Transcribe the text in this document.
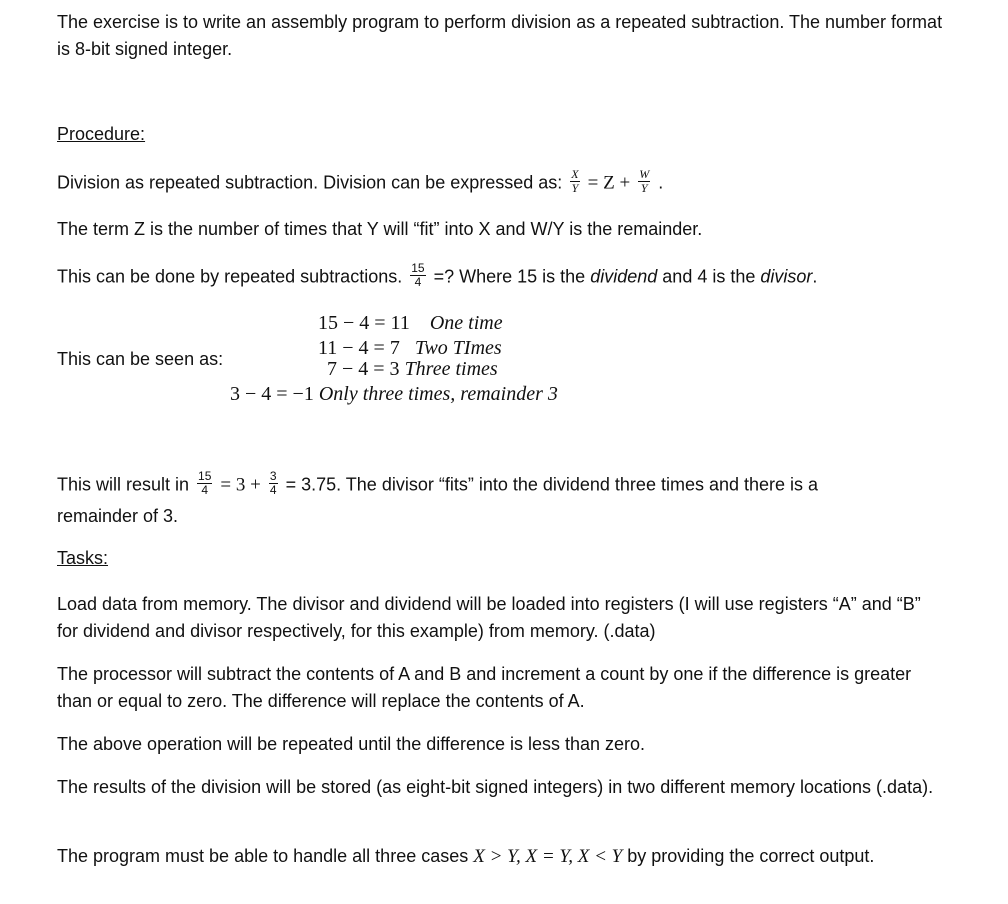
The exercise is to write an assembly program to perform division as a repeated subtraction. The number format is 8-bit signed integer.
Procedure:
Division as repeated subtraction. Division can be expressed as: $\frac{X}{Y} = Z + \frac{W}{Y}$ .
The term Z is the number of times that Y will “fit” into X and W/Y is the remainder.
This can be done by repeated subtractions. $\frac{15}{4}$ =? Where 15 is the dividend and 4 is the divisor.
This can be seen as:
15 − 4 = 11 One time
11 − 4 = 7 Two TImes
7 − 4 = 3 Three times
3 − 4 = −1 Only three times, remainder 3
This will result in $\frac{15}{4} = 3 + \frac{3}{4} = 3.75$. The divisor “fits” into the dividend three times and there is a
remainder of 3.
Tasks:
Load data from memory. The divisor and dividend will be loaded into registers (I will use registers “A” and “B” for dividend and divisor respectively, for this example) from memory. (.data)
The processor will subtract the contents of A and B and increment a count by one if the difference is greater than or equal to zero. The difference will replace the contents of A.
The above operation will be repeated until the difference is less than zero.
The results of the division will be stored (as eight-bit signed integers) in two different memory locations (.data).
The program must be able to handle all three cases X > Y, X = Y, X < Y by providing the correct output.
